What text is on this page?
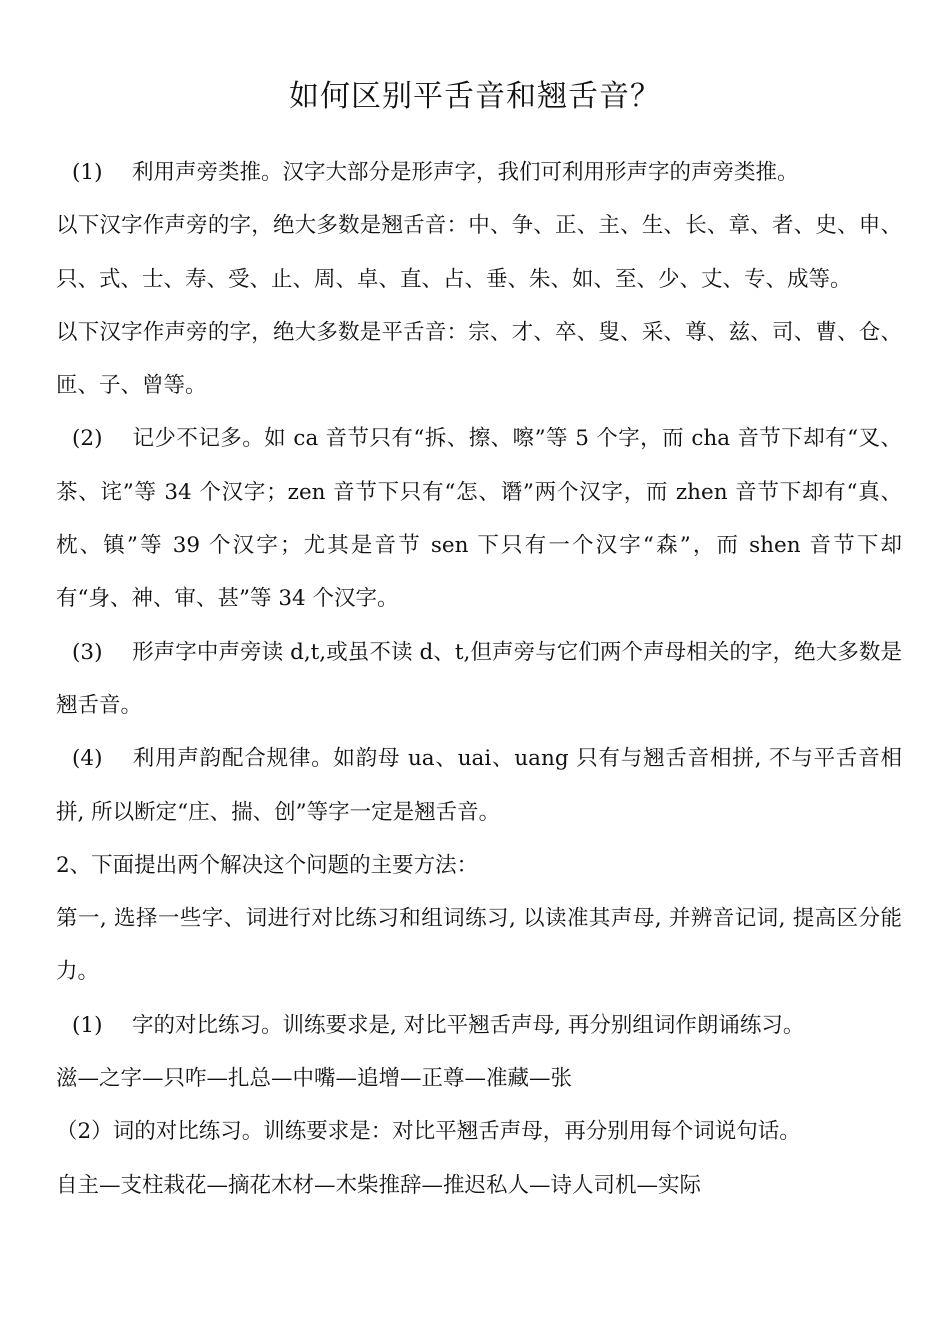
如何区别平舌音和翘舌音？

(1) 利用声旁类推。汉字大部分是形声字，我们可利用形声字的声旁类推。

以下汉字作声旁的字，绝大多数是翘舌音：中、争、正、主、生、长、章、者、史、申、只、式、士、寿、受、止、周、卓、直、占、垂、朱、如、至、少、丈、专、成等。

以下汉字作声旁的字，绝大多数是平舌音：宗、才、卒、叟、采、尊、兹、司、曹、仓、匝、子、曾等。

(2) 记少不记多。如 ca 音节只有“拆、擦、嚓”等 5 个字，而 cha 音节下却有“叉、茶、诧”等 34 个汉字；zen 音节下只有“怎、谮”两个汉字，而 zhen 音节下却有“真、枕、镇”等 39 个汉字；尤其是音节 sen 下只有一个汉字“森”，而 shen 音节下却有“身、神、审、甚”等 34 个汉字。

(3) 形声字中声旁读 d,t,或虽不读 d、t,但声旁与它们两个声母相关的字，绝大多数是翘舌音。

(4) 利用声韵配合规律。如韵母 ua、uai、uang 只有与翘舌音相拼, 不与平舌音相拼, 所以断定“庄、揣、创”等字一定是翘舌音。

2、下面提出两个解决这个问题的主要方法：

第一, 选择一些字、词进行对比练习和组词练习, 以读准其声母, 并辨音记词, 提高区分能力。

(1) 字的对比练习。训练要求是, 对比平翘舌声母, 再分别组词作朗诵练习。

滋—之字—只咋—扎总—中嘴—追增—正尊—准藏—张

（2）词的对比练习。训练要求是：对比平翘舌声母，再分别用每个词说句话。

自主—支柱栽花—摘花木材—木柴推辞—推迟私人—诗人司机—实际
